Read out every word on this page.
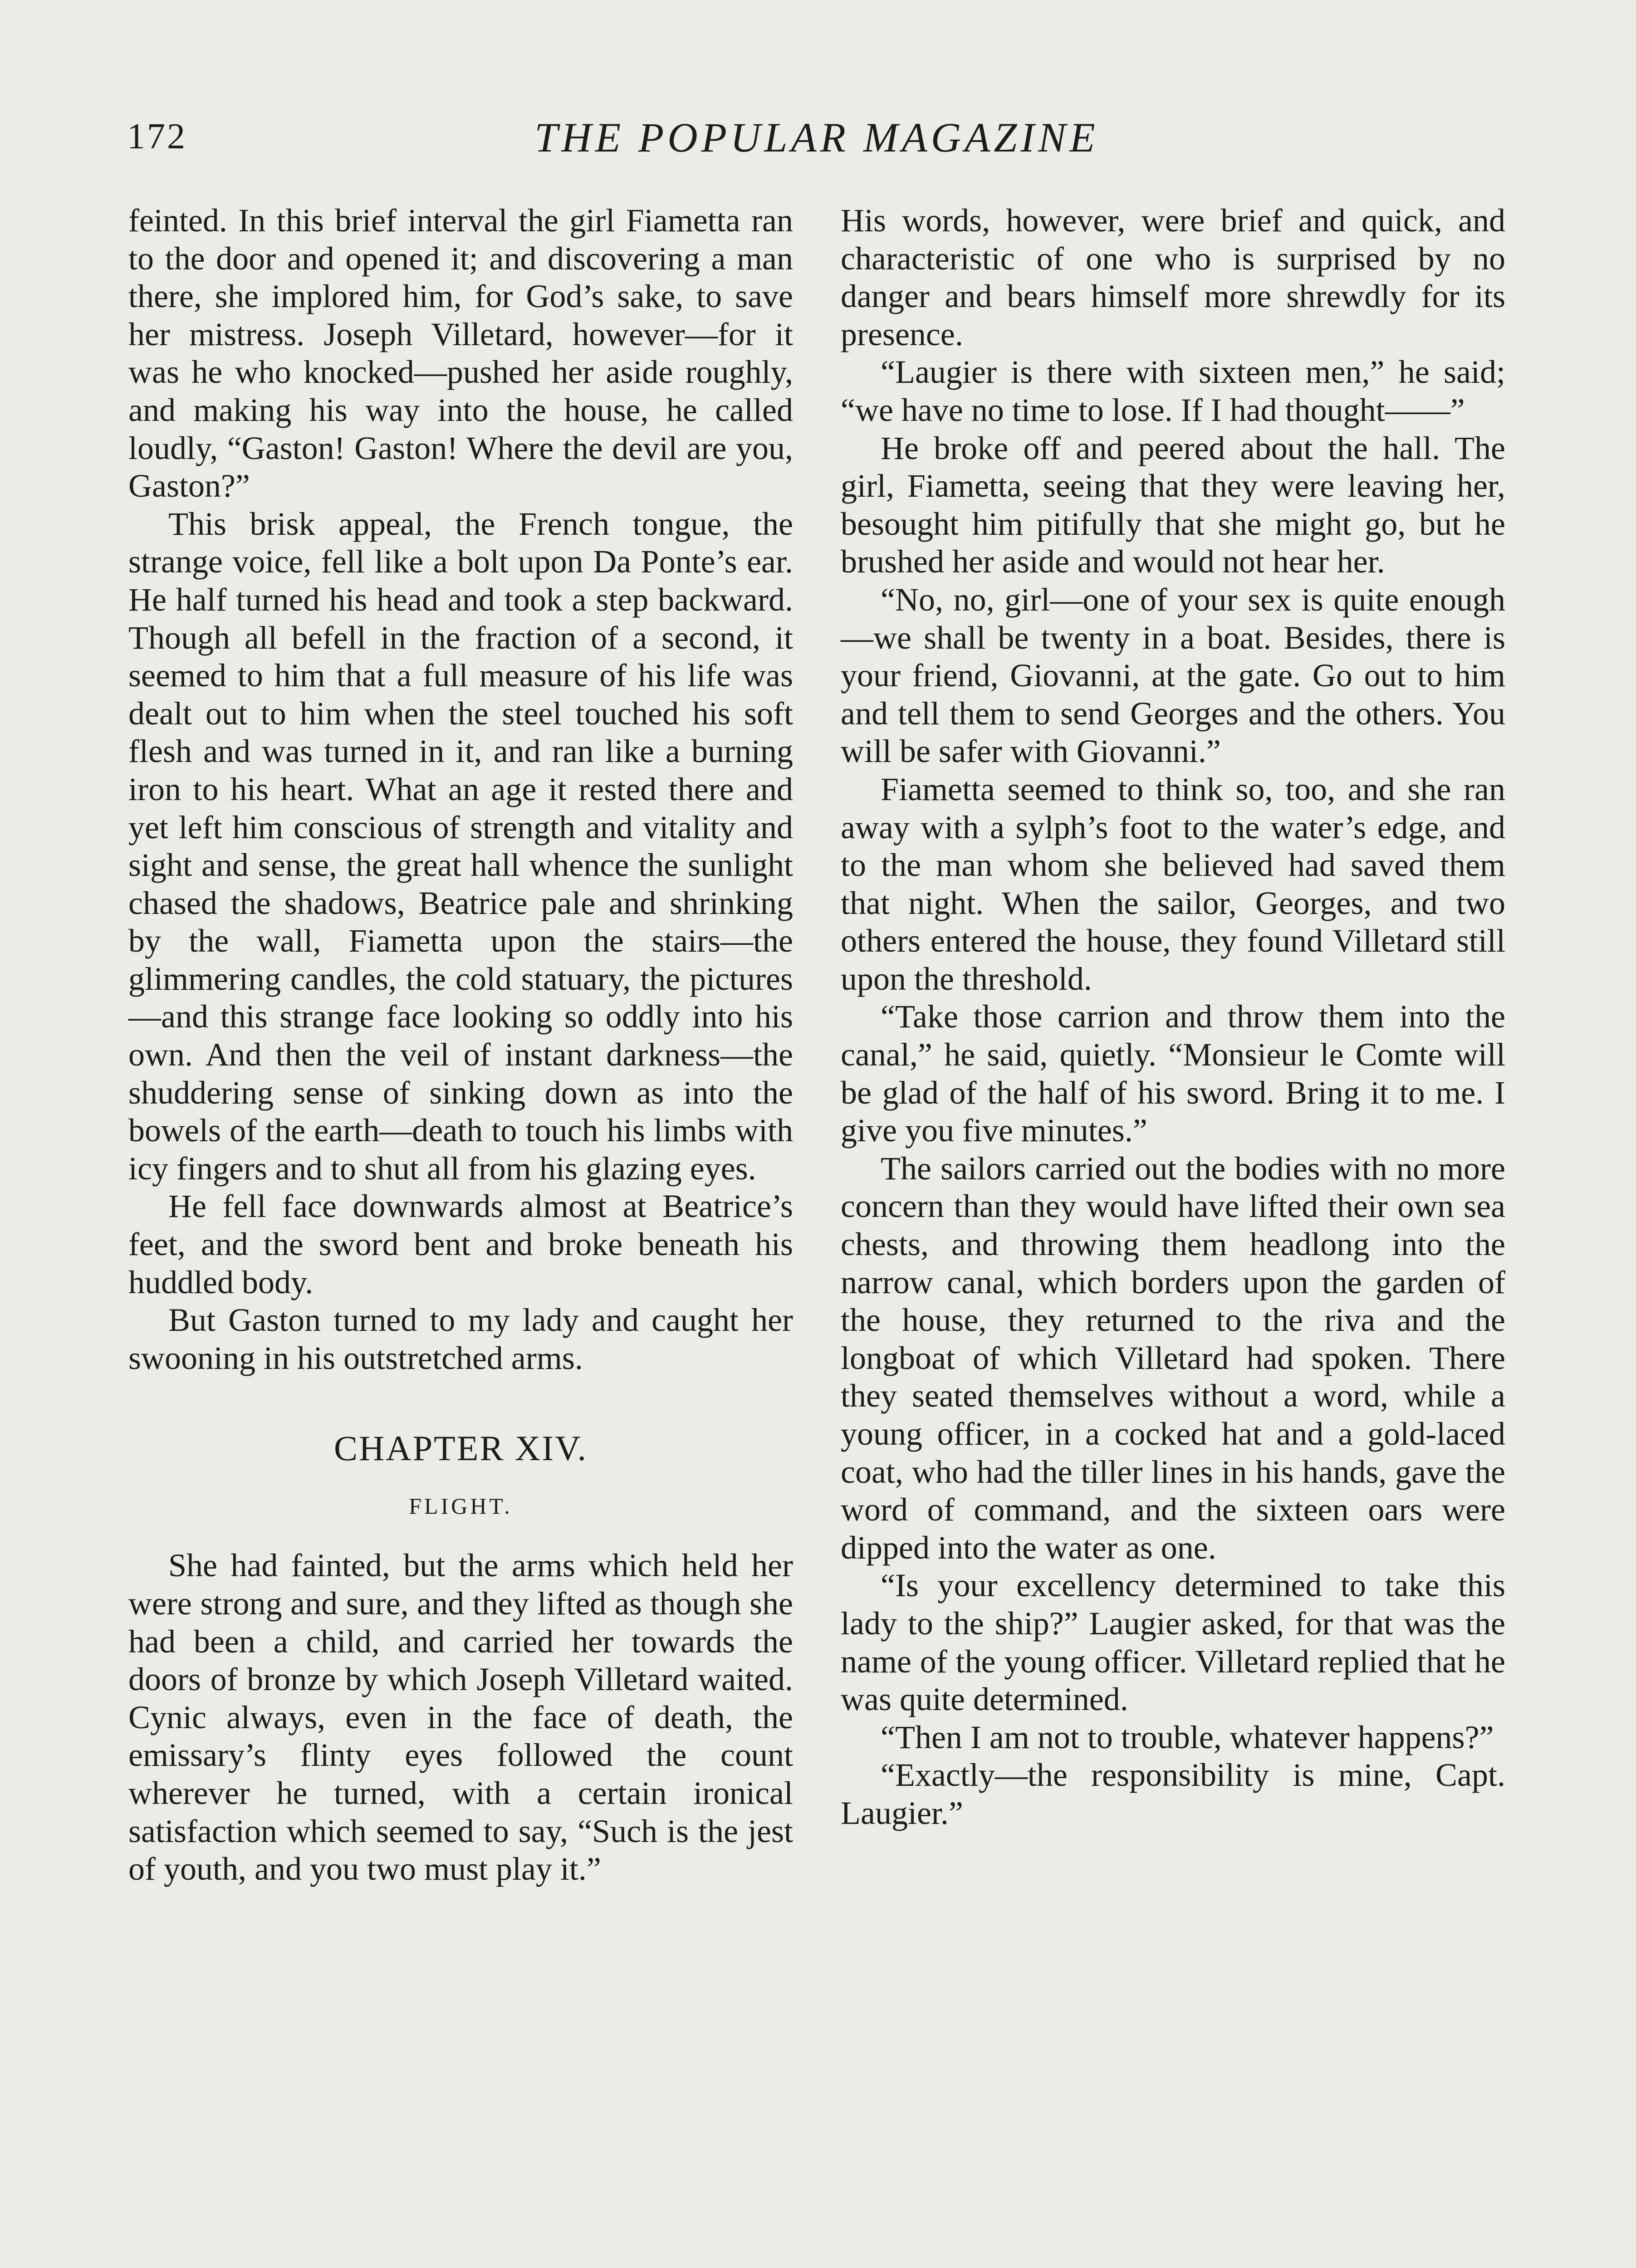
172	THE POPULAR MAGAZINE

feinted. In this brief interval the girl Fiametta ran to the door and opened it; and discovering a man there, she implored him, for God’s sake, to save her mistress. Joseph Villetard, however—for it was he who knocked—pushed her aside roughly, and making his way into the house, he called loudly, “Gaston! Gaston! Where the devil are you, Gaston?”

This brisk appeal, the French tongue, the strange voice, fell like a bolt upon Da Ponte’s ear. He half turned his head and took a step backward. Though all befell in the fraction of a second, it seemed to him that a full measure of his life was dealt out to him when the steel touched his soft flesh and was turned in it, and ran like a burning iron to his heart. What an age it rested there and yet left him conscious of strength and vitality and sight and sense, the great hall whence the sunlight chased the shadows, Beatrice pale and shrinking by the wall, Fiametta upon the stairs—the glimmering candles, the cold statuary, the pictures —and this strange face looking so oddly into his own. And then the veil of instant darkness—the shuddering sense of sinking down as into the bowels of the earth—death to touch his limbs with icy fingers and to shut all from his glazing eyes.

He fell face downwards almost at Beatrice’s feet, and the sword bent and broke beneath his huddled body.

But Gaston turned to my lady and caught her swooning in his outstretched arms.

CHAPTER XIV.
FLIGHT.

She had fainted, but the arms which held her were strong and sure, and they lifted as though she had been a child, and carried her towards the doors of bronze by which Joseph Villetard waited. Cynic always, even in the face of death, the emissary’s flinty eyes followed the count wherever he turned, with a certain ironical satisfaction which seemed to say, “Such is the jest of youth, and you two must play it.”

His words, however, were brief and quick, and characteristic of one who is surprised by no danger and bears himself more shrewdly for its presence.

“Laugier is there with sixteen men,” he said; “we have no time to lose. If I had thought——”

He broke off and peered about the hall. The girl, Fiametta, seeing that they were leaving her, besought him pitifully that she might go, but he brushed her aside and would not hear her.

“No, no, girl—one of your sex is quite enough—we shall be twenty in a boat. Besides, there is your friend, Giovanni, at the gate. Go out to him and tell them to send Georges and the others. You will be safer with Giovanni.”

Fiametta seemed to think so, too, and she ran away with a sylph’s foot to the water’s edge, and to the man whom she believed had saved them that night. When the sailor, Georges, and two others entered the house, they found Villetard still upon the threshold.

“Take those carrion and throw them into the canal,” he said, quietly. “Monsieur le Comte will be glad of the half of his sword. Bring it to me. I give you five minutes.”

The sailors carried out the bodies with no more concern than they would have lifted their own sea chests, and throwing them headlong into the narrow canal, which borders upon the garden of the house, they returned to the riva and the longboat of which Villetard had spoken. There they seated themselves without a word, while a young officer, in a cocked hat and a gold-laced coat, who had the tiller lines in his hands, gave the word of command, and the sixteen oars were dipped into the water as one.

“Is your excellency determined to take this lady to the ship?” Laugier asked, for that was the name of the young officer. Villetard replied that he was quite determined.

“Then I am not to trouble, whatever happens?”

“Exactly—the responsibility is mine, Capt. Laugier.”
